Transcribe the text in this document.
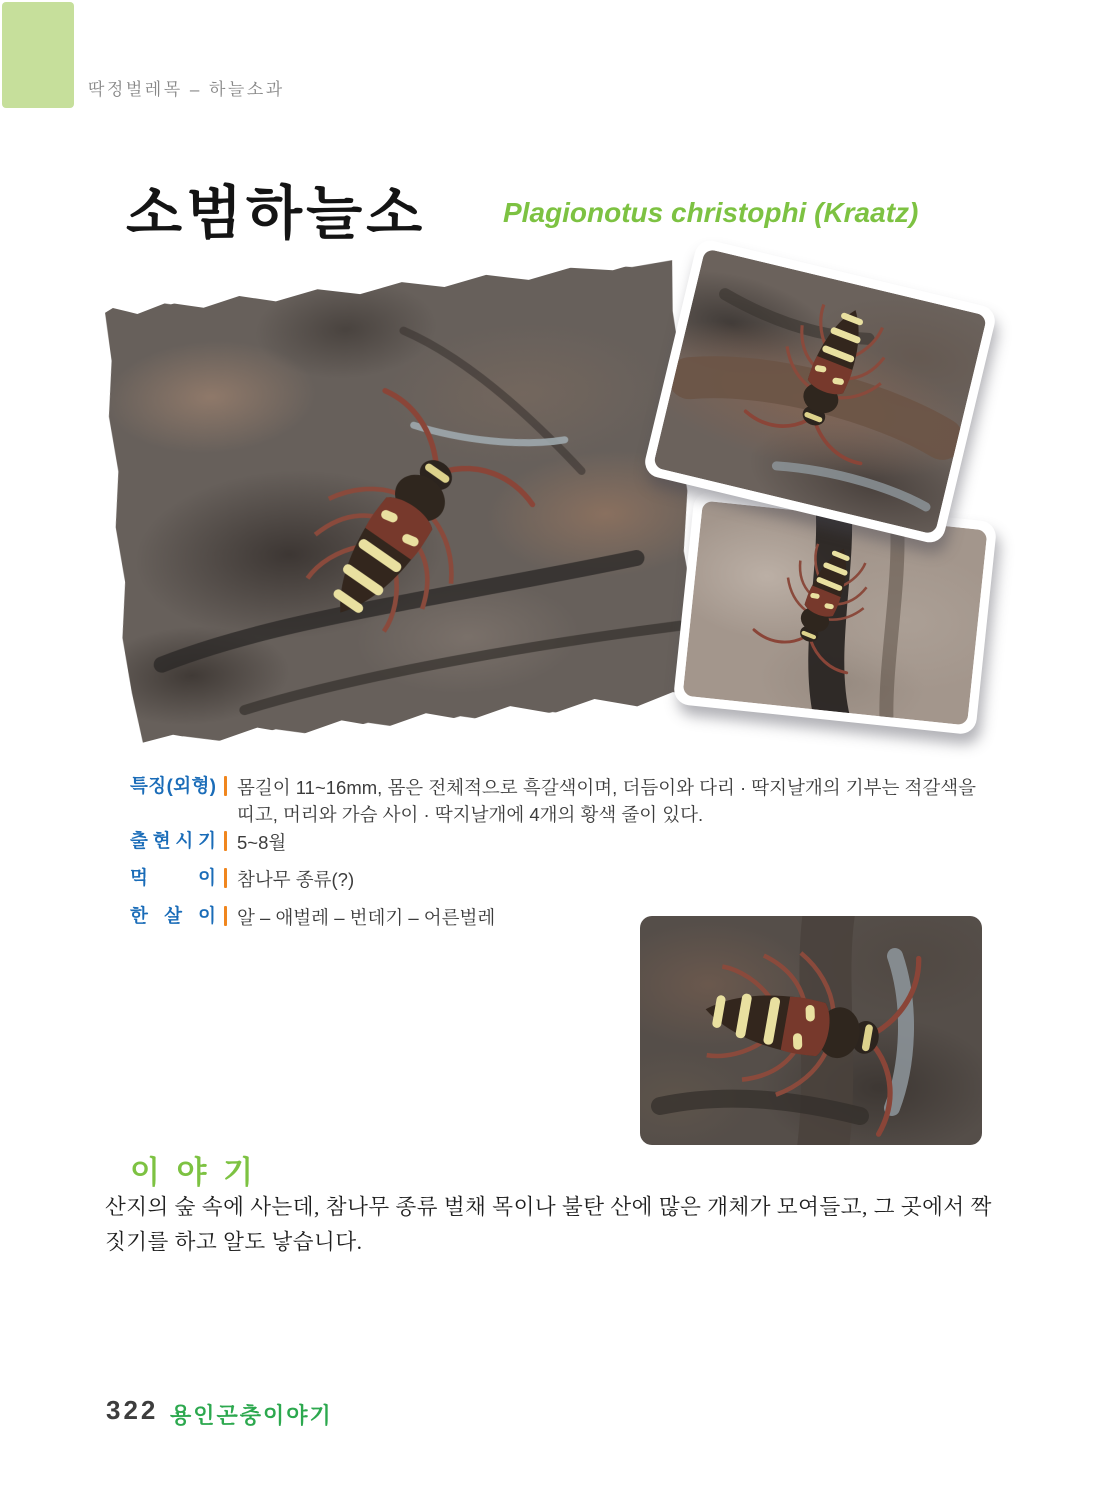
딱정벌레목 – 하늘소과
소범하늘소	Plagionotus christophi (Kraatz)
특 징 ( 외 형 ) 몸길이 11~16mm, 몸은 전체적으로 흑갈색이며, 더듬이와 다리 · 딱지날개의 기부는 적갈색을 띠고, 머리와 가슴 사이 · 딱지날개에 4개의 황색 줄이 있다.
출 현 시 기 5~8월
먹	이 참나무 종류(?)
한 살 이 알 – 애벌레 – 번데기 – 어른벌레
이 야 기
산지의 숲 속에 사는데, 참나무 종류 벌채 목이나 불탄 산에 많은 개체가 모여들고, 그 곳에서 짝짓기를 하고 알도 낳습니다.
322 용인곤충이야기
